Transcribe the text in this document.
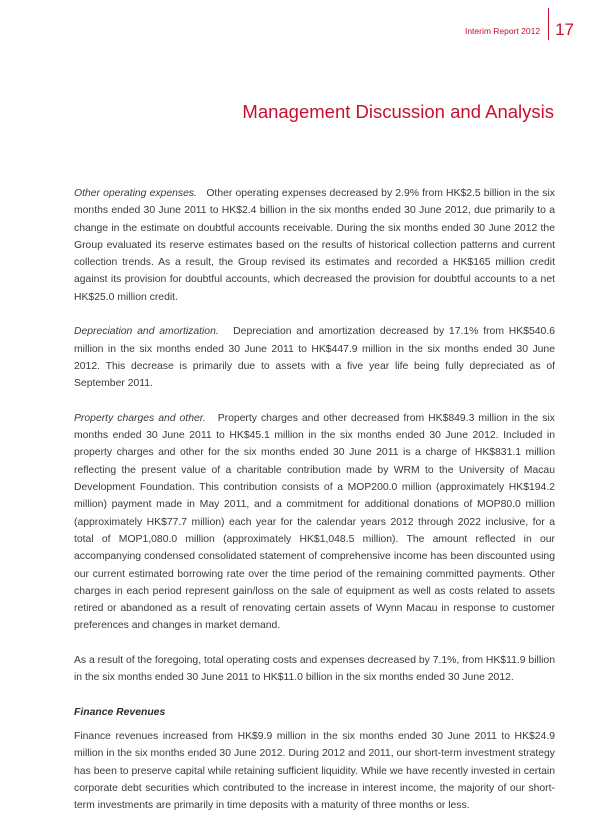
Interim Report 2012 17
Management Discussion and Analysis

Other operating expenses. Other operating expenses decreased by 2.9% from HK$2.5 billion in the six months ended 30 June 2011 to HK$2.4 billion in the six months ended 30 June 2012, due primarily to a change in the estimate on doubtful accounts receivable. During the six months ended 30 June 2012 the Group evaluated its reserve estimates based on the results of historical collection patterns and current collection trends. As a result, the Group revised its estimates and recorded a HK$165 million credit against its provision for doubtful accounts, which decreased the provision for doubtful accounts to a net HK$25.0 million credit.

Depreciation and amortization. Depreciation and amortization decreased by 17.1% from HK$540.6 million in the six months ended 30 June 2011 to HK$447.9 million in the six months ended 30 June 2012. This decrease is primarily due to assets with a five year life being fully depreciated as of September 2011.

Property charges and other. Property charges and other decreased from HK$849.3 million in the six months ended 30 June 2011 to HK$45.1 million in the six months ended 30 June 2012. Included in property charges and other for the six months ended 30 June 2011 is a charge of HK$831.1 million reflecting the present value of a charitable contribution made by WRM to the University of Macau Development Foundation. This contribution consists of a MOP200.0 million (approximately HK$194.2 million) payment made in May 2011, and a commitment for additional donations of MOP80.0 million (approximately HK$77.7 million) each year for the calendar years 2012 through 2022 inclusive, for a total of MOP1,080.0 million (approximately HK$1,048.5 million). The amount reflected in our accompanying condensed consolidated statement of comprehensive income has been discounted using our current estimated borrowing rate over the time period of the remaining committed payments. Other charges in each period represent gain/loss on the sale of equipment as well as costs related to assets retired or abandoned as a result of renovating certain assets of Wynn Macau in response to customer preferences and changes in market demand.

As a result of the foregoing, total operating costs and expenses decreased by 7.1%, from HK$11.9 billion in the six months ended 30 June 2011 to HK$11.0 billion in the six months ended 30 June 2012.

Finance Revenues

Finance revenues increased from HK$9.9 million in the six months ended 30 June 2011 to HK$24.9 million in the six months ended 30 June 2012. During 2012 and 2011, our short-term investment strategy has been to preserve capital while retaining sufficient liquidity. While we have recently invested in certain corporate debt securities which contributed to the increase in interest income, the majority of our short-term investments are primarily in time deposits with a maturity of three months or less.
